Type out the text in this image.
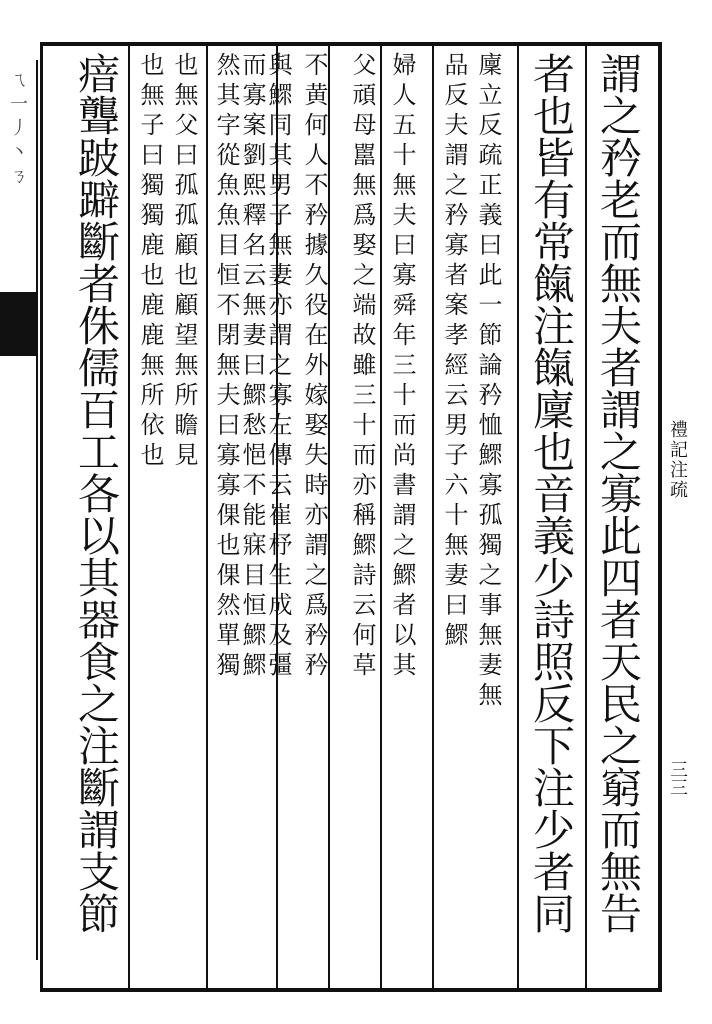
ㄟ一丿丶ㄋ	謂之矜老而無夫者謂之寡此四者天民之窮而無告
者也皆有常餼注餼廩也音義少詩照反下注少者同
廩立反疏正義曰此一節論矜恤鰥寡孤獨之事無妻無
品反夫謂之矜寡者案孝經云男子六十無妻曰鰥
婦人五十無夫曰寡舜年三十而尚書謂之鰥者以其
父頑母嚚無爲娶之端故雖三十而亦稱鰥詩云何草
不黄何人不矜據久役在外嫁娶失時亦謂之爲矜矜
與鰥同其男子無妻亦謂之寡左傳云崔杼生成及彊
而寡案劉熙釋名云無妻曰鰥愁悒不能寐目恒鰥鰥
然其字從魚魚目恒不閉無夫曰寡寡倮也倮然單獨
也無父曰孤孤顧也顧望無所瞻見
也無子曰獨獨鹿也鹿鹿無所依也
瘖聾跛躃斷者侏儒百工各以其器食之注斷謂支節	禮記注疏
三三
